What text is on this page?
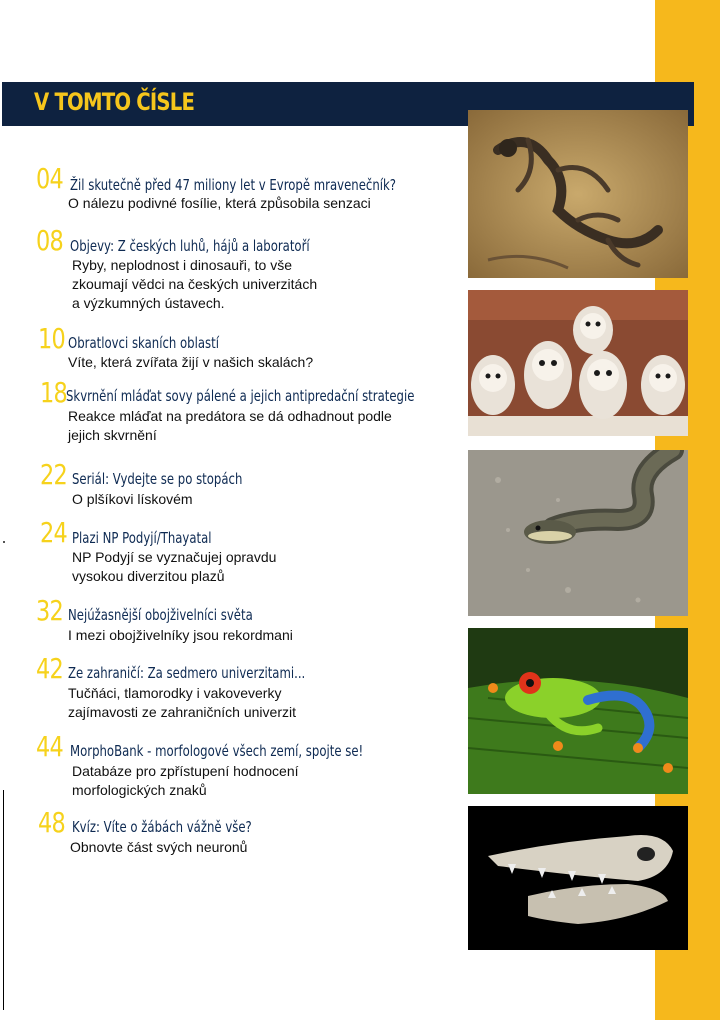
V TOMTO ČÍSLE
04 Žil skutečně před 47 miliony let v Evropě mravenečník?
O nálezu podivné fosílie, která způsobila senzaci
08 Objevy: Z českých luhů, hájů a laboratoří
Ryby, neplodnost i dinosauři, to vše
zkoumají vědci na českých univerzitách
a výzkumných ústavech.
10 Obratlovci skaních oblastí
Víte, která zvířata žijí v našich skalách?
18 Skvrnění mláďat sovy pálené a jejich antipredační strategie
Reakce mláďat na predátora se dá odhadnout podle
jejich skvrnění
22 Seriál: Vydejte se po stopách
O plšíkovi lískovém
24 Plazi NP Podyjí/Thayatal
NP Podyjí se vyznačujej opravdu
vysokou diverzitou plazů
32 Nejúžasnější obojživelníci světa
I mezi obojživelníky jsou rekordmani
42 Ze zahraničí: Za sedmero univerzitami...
Tučňáci, tlamorodky i vakoveverky
zajímavosti ze zahraničních univerzit
44 MorphoBank - morfologové všech zemí, spojte se!
Databáze pro zpřístupení hodnocení
morfologických znaků
48 Kvíz: Víte o žábách vážně vše?
Obnovte část svých neuronů
